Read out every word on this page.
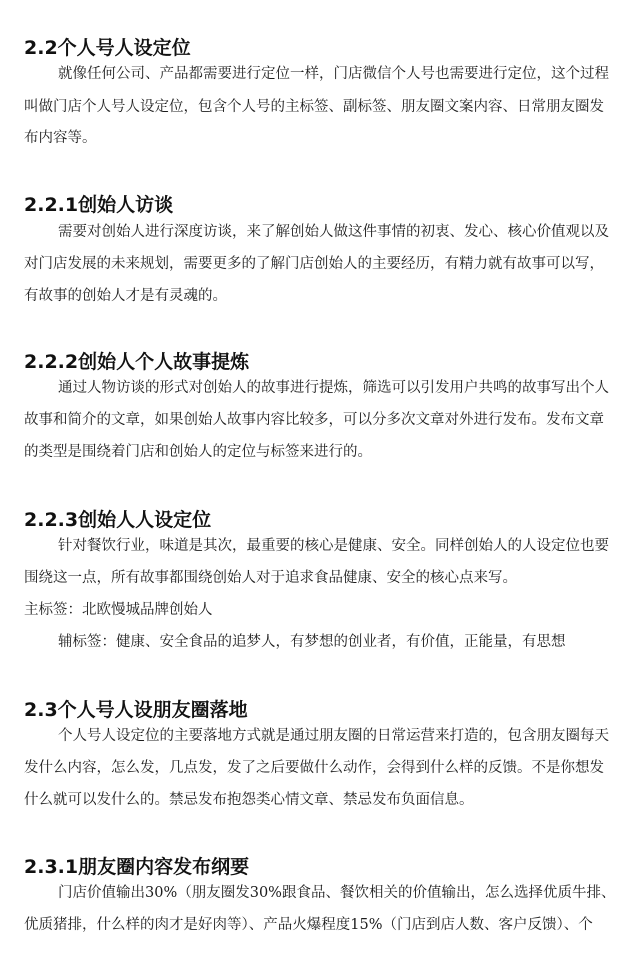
2.2个人号人设定位

就像任何公司、产品都需要进行定位一样，门店微信个人号也需要进行定位，这个过程

叫做门店个人号人设定位，包含个人号的主标签、副标签、朋友圈文案内容、日常朋友圈发

布内容等。

2.2.1创始人访谈

需要对创始人进行深度访谈，来了解创始人做这件事情的初衷、发心、核心价值观以及

对门店发展的未来规划，需要更多的了解门店创始人的主要经历，有精力就有故事可以写，

有故事的创始人才是有灵魂的。

2.2.2创始人个人故事提炼

通过人物访谈的形式对创始人的故事进行提炼，筛选可以引发用户共鸣的故事写出个人

故事和简介的文章，如果创始人故事内容比较多，可以分多次文章对外进行发布。发布文章

的类型是围绕着门店和创始人的定位与标签来进行的。

2.2.3创始人人设定位

针对餐饮行业，味道是其次，最重要的核心是健康、安全。同样创始人的人设定位也要

围绕这一点，所有故事都围绕创始人对于追求食品健康、安全的核心点来写。

主标签：北欧慢城品牌创始人

辅标签：健康、安全食品的追梦人，有梦想的创业者，有价值，正能量，有思想

2.3个人号人设朋友圈落地

个人号人设定位的主要落地方式就是通过朋友圈的日常运营来打造的，包含朋友圈每天

发什么内容，怎么发，几点发，发了之后要做什么动作，会得到什么样的反馈。不是你想发

什么就可以发什么的。禁忌发布抱怨类心情文章、禁忌发布负面信息。

2.3.1朋友圈内容发布纲要

门店价值输出30%（朋友圈发30%跟食品、餐饮相关的价值输出，怎么选择优质牛排、

优质猪排，什么样的肉才是好肉等）、产品火爆程度15%（门店到店人数、客户反馈）、个
